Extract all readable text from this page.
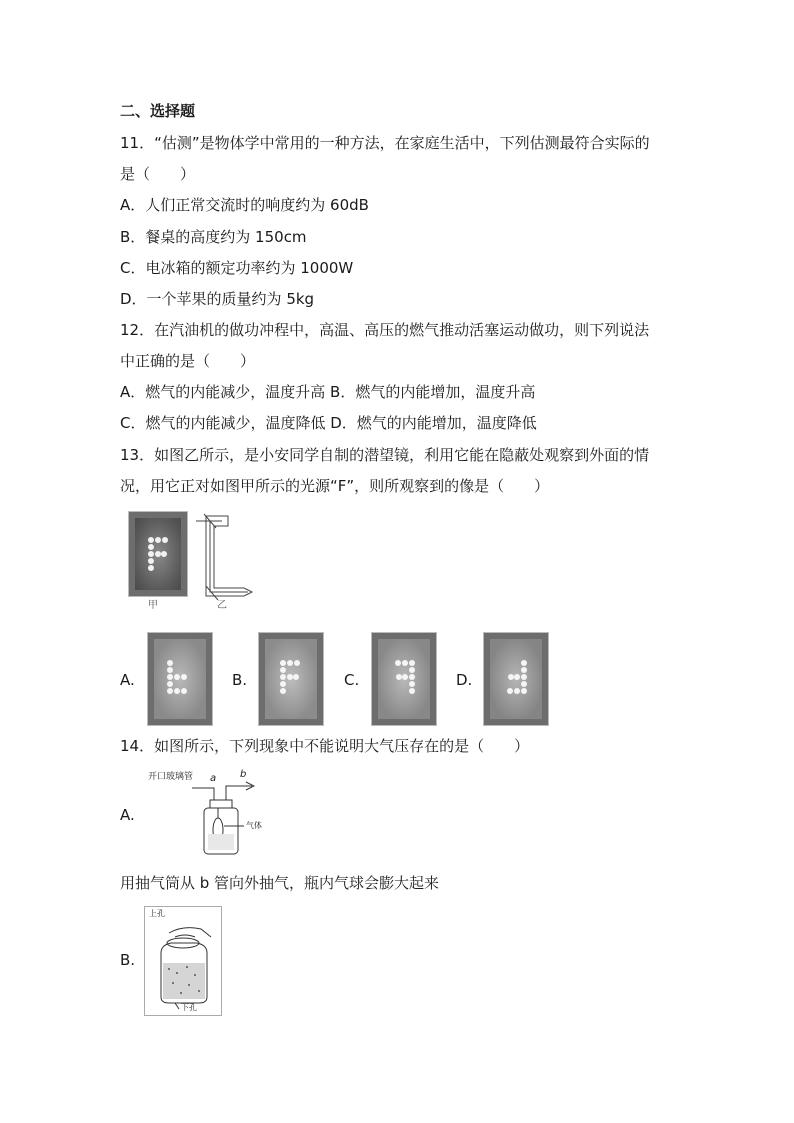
二、选择题
11．“估测”是物体学中常用的一种方法，在家庭生活中，下列估测最符合实际的
是（　　）
A．人们正常交流时的响度约为 60dB
B．餐桌的高度约为 150cm
C．电冰箱的额定功率约为 1000W
D．一个苹果的质量约为 5kg
12．在汽油机的做功冲程中，高温、高压的燃气推动活塞运动做功，则下列说法
中正确的是（　　）
A．燃气的内能减少，温度升高 B．燃气的内能增加，温度升高
C．燃气的内能减少，温度降低 D．燃气的内能增加，温度降低
13．如图乙所示，是小安同学自制的潜望镜，利用它能在隐蔽处观察到外面的情
况，用它正对如图甲所示的光源“F”，则所观察到的像是（　　）
甲	乙
A.	B.	C.	D.
14．如图所示，下列现象中不能说明大气压存在的是（　　）
A.
开口玻璃管 a b
气体
用抽气筒从 b 管向外抽气，瓶内气球会膨大起来
B.
上孔
下孔
